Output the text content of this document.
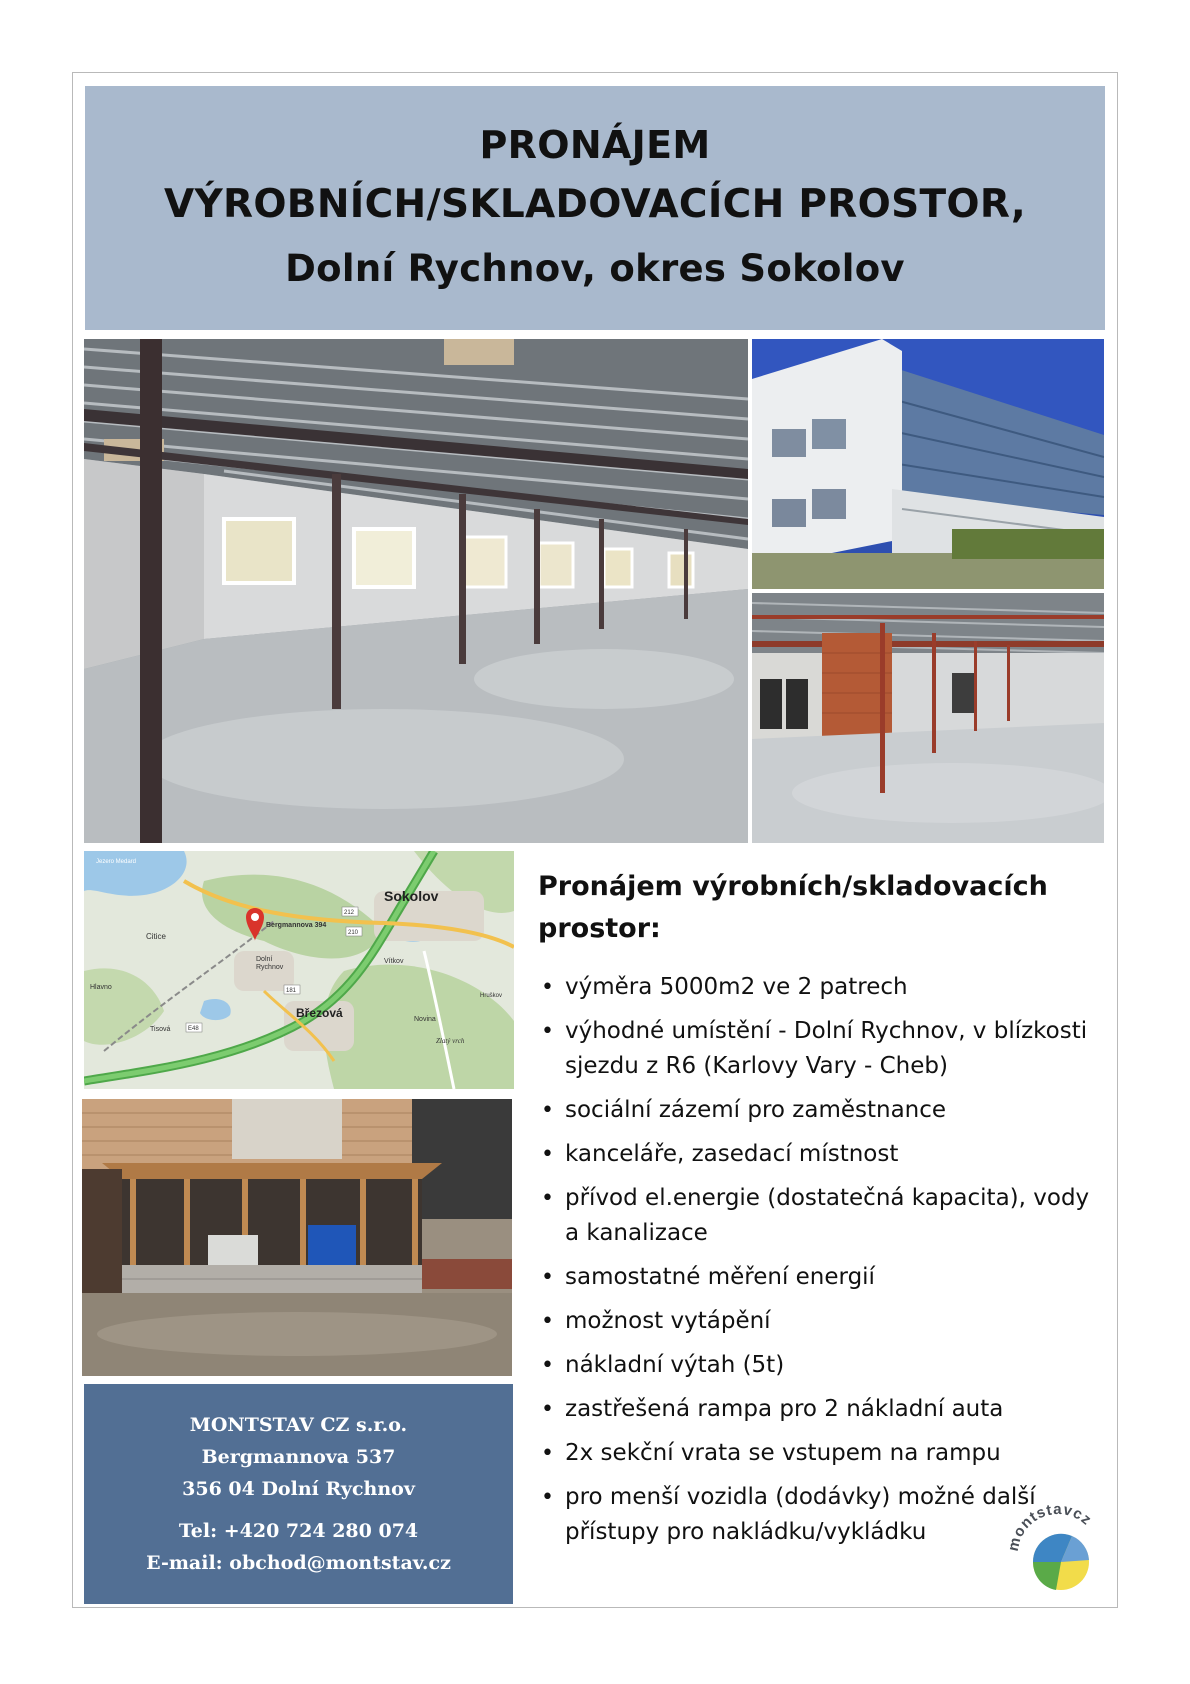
PRONÁJEM
VÝROBNÍCH/SKLADOVACÍCH PROSTOR,
Dolní Rychnov, okres Sokolov
Bergmannova 394
Sokolov
Březová
Dolní
Rychnov
Citice
Hlavno
Tisová
Vítkov
Hruškov
Novina
Zlatý vrch
Jezero Medard
E48
212
210
181
MONTSTAV CZ s.r.o.
Bergmannova 537
356 04 Dolní Rychnov
Tel: +420 724 280 074
E-mail: obchod@montstav.cz
Pronájem výrobních/skladovacích prostor:
• výměra 5000m2 ve 2 patrech
• výhodné umístění - Dolní Rychnov, v blízkosti sjezdu z R6 (Karlovy Vary - Cheb)
• sociální zázemí pro zaměstnance
• kanceláře, zasedací místnost
• přívod el.energie (dostatečná kapacita), vody a kanalizace
• samostatné měření energií
• možnost vytápění
• nákladní výtah (5t)
• zastřešená rampa pro 2 nákladní auta
• 2x sekční vrata se vstupem na rampu
• pro menší vozidla (dodávky) možné další přístupy pro nakládku/vykládku	montstavcz
